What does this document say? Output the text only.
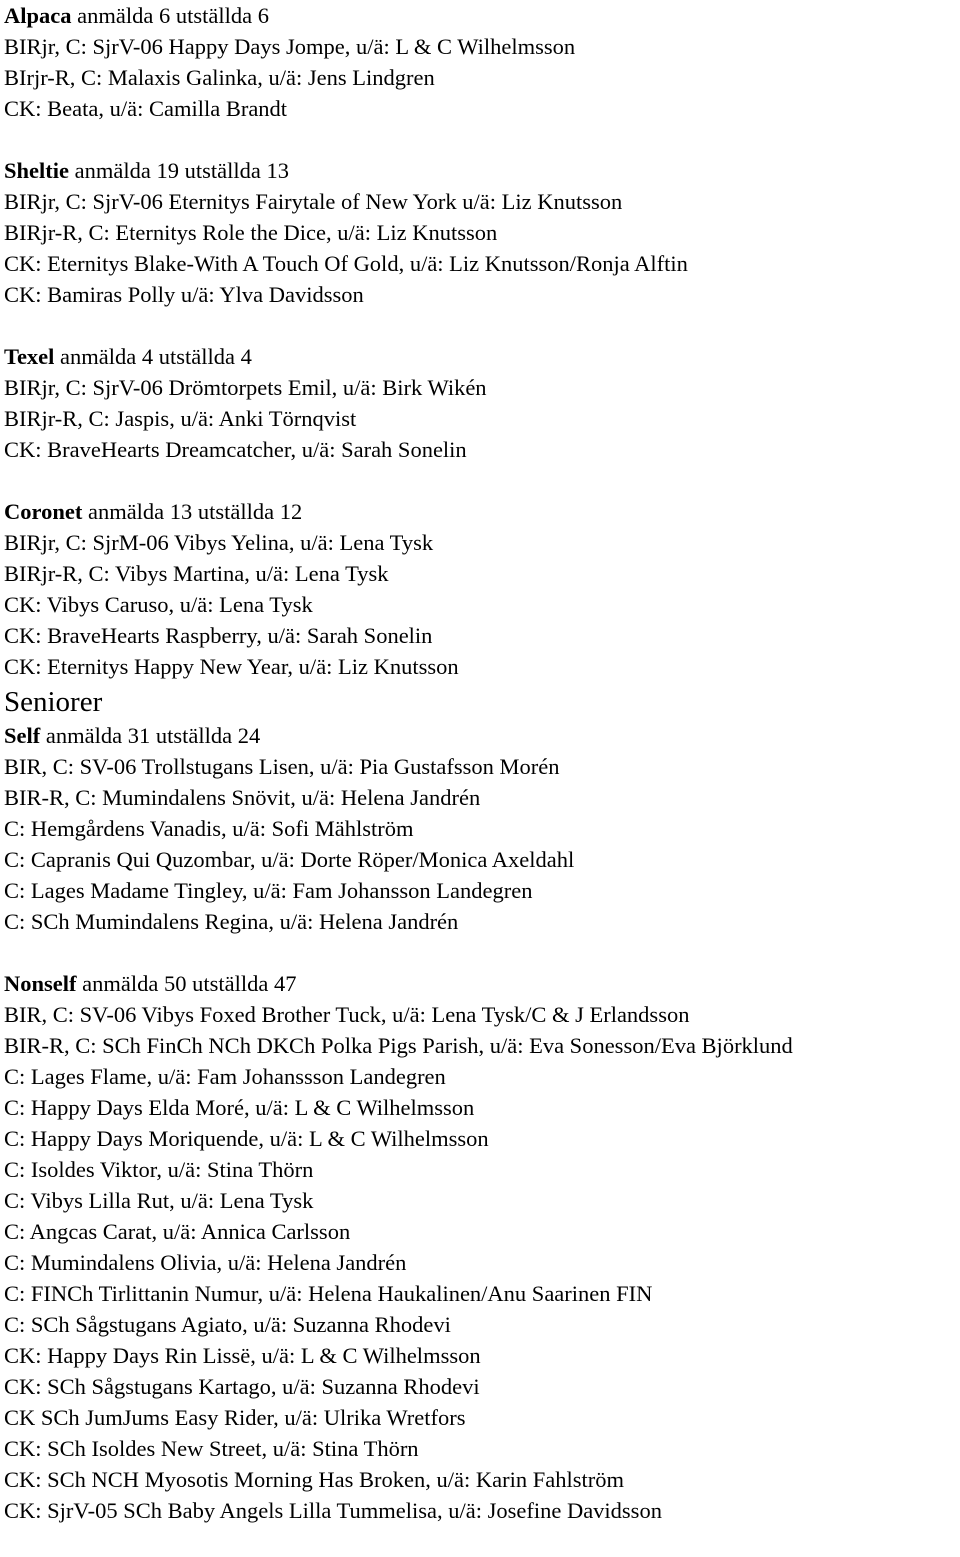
Alpaca anmälda 6 utställda 6
BIRjr, C: SjrV-06 Happy Days Jompe, u/ä: L & C Wilhelmsson
BIrjr-R, C: Malaxis Galinka, u/ä: Jens Lindgren
CK: Beata, u/ä: Camilla Brandt
Sheltie anmälda 19 utställda 13
BIRjr, C: SjrV-06 Eternitys Fairytale of New York u/ä: Liz Knutsson
BIRjr-R, C: Eternitys Role the Dice, u/ä: Liz Knutsson
CK: Eternitys Blake-With A Touch Of Gold, u/ä: Liz Knutsson/Ronja Alftin
CK: Bamiras Polly u/ä: Ylva Davidsson
Texel anmälda 4 utställda 4
BIRjr, C: SjrV-06 Drömtorpets Emil, u/ä: Birk Wikén
BIRjr-R, C: Jaspis, u/ä: Anki Törnqvist
CK: BraveHearts Dreamcatcher, u/ä: Sarah Sonelin
Coronet anmälda 13 utställda 12
BIRjr, C: SjrM-06 Vibys Yelina, u/ä: Lena Tysk
BIRjr-R, C: Vibys Martina, u/ä: Lena Tysk
CK: Vibys Caruso, u/ä: Lena Tysk
CK: BraveHearts Raspberry, u/ä: Sarah Sonelin
CK: Eternitys Happy New Year, u/ä: Liz Knutsson
Seniorer
Self anmälda 31 utställda 24
BIR, C: SV-06 Trollstugans Lisen, u/ä: Pia Gustafsson Morén
BIR-R, C: Mumindalens Snövit, u/ä: Helena Jandrén
C: Hemgårdens Vanadis, u/ä: Sofi Mählström
C: Capranis Qui Quzombar, u/ä: Dorte Röper/Monica Axeldahl
C: Lages Madame Tingley, u/ä: Fam Johansson Landegren
C: SCh Mumindalens Regina, u/ä: Helena Jandrén
Nonself anmälda 50 utställda 47
BIR, C: SV-06 Vibys Foxed Brother Tuck, u/ä: Lena Tysk/C & J Erlandsson
BIR-R, C: SCh FinCh NCh DKCh Polka Pigs Parish, u/ä: Eva Sonesson/Eva Björklund
C: Lages Flame, u/ä: Fam Johanssson Landegren
C: Happy Days Elda Moré, u/ä: L & C Wilhelmsson
C: Happy Days Moriquende, u/ä: L & C Wilhelmsson
C: Isoldes Viktor, u/ä: Stina Thörn
C: Vibys Lilla Rut, u/ä: Lena Tysk
C: Angcas Carat, u/ä: Annica Carlsson
C: Mumindalens Olivia, u/ä: Helena Jandrén
C: FINCh Tirlittanin Numur, u/ä: Helena Haukalinen/Anu Saarinen FIN
C: SCh Sågstugans Agiato, u/ä: Suzanna Rhodevi
CK: Happy Days Rin Lissë, u/ä: L & C Wilhelmsson
CK: SCh Sågstugans Kartago, u/ä: Suzanna Rhodevi
CK SCh JumJums Easy Rider, u/ä: Ulrika Wretfors
CK: SCh Isoldes New Street, u/ä: Stina Thörn
CK: SCh NCH Myosotis Morning Has Broken, u/ä: Karin Fahlström
CK: SjrV-05 SCh Baby Angels Lilla Tummelisa, u/ä: Josefine Davidsson
